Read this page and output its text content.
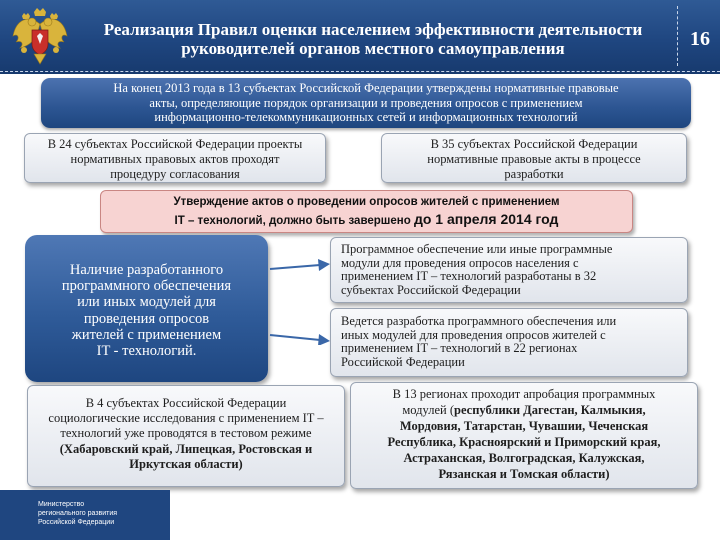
Реализация Правил оценки населением эффективности деятельности
руководителей органов местного самоуправления	16
На конец 2013 года в 13 субъектах Российской Федерации утверждены нормативные правовые
акты, определяющие порядок организации и проведения опросов с применением
информационно-телекоммуникационных сетей и информационных технологий
В 24 субъектах Российской Федерации проекты
нормативных правовых актов проходят
процедуру согласования
В 35 субъектах Российской Федерации
нормативные правовые акты в процессе
разработки
Утверждение актов о проведении опросов жителей с применением
IT – технологий, должно быть завершено до 1 апреля 2014 год
Наличие разработанного
программного обеспечения
или иных модулей для
проведения опросов
жителей с применением
IT - технологий.
Программное обеспечение или иные программные
модули для проведения опросов населения с
применением IT – технологий разработаны в 32
субъектах Российской Федерации
Ведется разработка программного обеспечения или
иных модулей для проведения опросов жителей с
применением IT – технологий в 22 регионах
Российской Федерации
В 4 субъектах Российской Федерации
социологические исследования с применением IT –
технологий уже проводятся в тестовом режиме
(Хабаровский край, Липецкая, Ростовская и
Иркутская области)
В 13 регионах проходит апробация программных
модулей (республики Дагестан, Калмыкия,
Мордовия, Татарстан, Чувашии, Чеченская
Республика, Красноярский и Приморский края,
Астраханская, Волгоградская, Калужская,
Рязанская и Томская области)
Министерство
регионального развития
Российской Федерации
